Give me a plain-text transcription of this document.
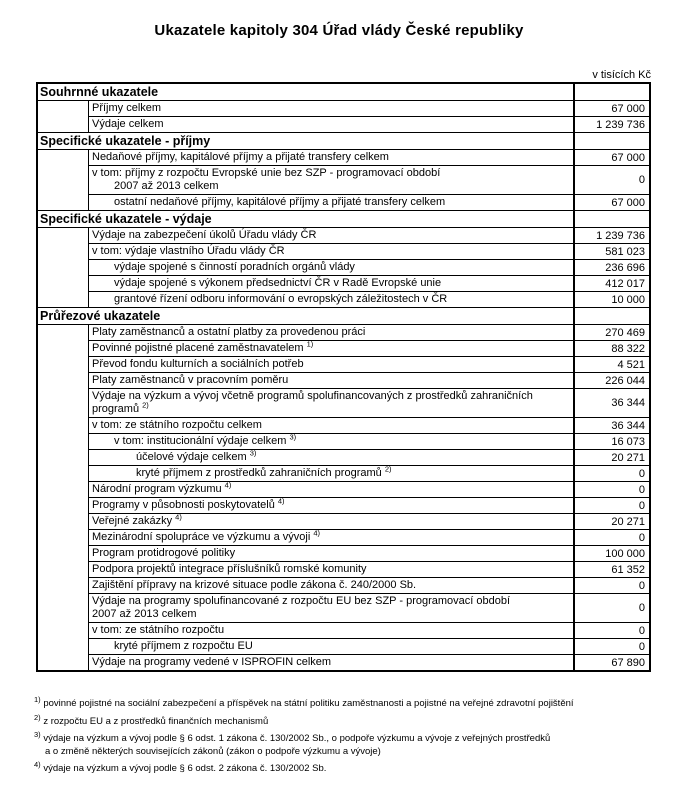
Ukazatele kapitoly 304 Úřad vlády České republiky
v tisících Kč
Souhrnné ukazatele
Příjmy celkem	67 000
Výdaje celkem	1 239 736
Specifické ukazatele - příjmy
Nedaňové příjmy, kapitálové příjmy a přijaté transfery celkem	67 000
v tom: příjmy z rozpočtu Evropské unie bez SZP - programovací období
2007 až 2013 celkem	0
ostatní nedaňové příjmy, kapitálové příjmy a přijaté transfery celkem	67 000
Specifické ukazatele - výdaje
Výdaje na zabezpečení úkolů Úřadu vlády ČR	1 239 736
v tom: výdaje vlastního Úřadu vlády ČR	581 023
výdaje spojené s činností poradních orgánů vlády	236 696
výdaje spojené s výkonem předsednictví ČR v Radě Evropské unie	412 017
grantové řízení odboru informování o evropských záležitostech v ČR	10 000
Průřezové ukazatele
Platy zaměstnanců a ostatní platby za provedenou práci	270 469
Povinné pojistné placené zaměstnavatelem $^{1)}$	88 322
Převod fondu kulturních a sociálních potřeb	4 521
Platy zaměstnanců v pracovním poměru	226 044
Výdaje na výzkum a vývoj včetně programů spolufinancovaných z prostředků zahraničních
programů $^{2)}$	36 344
v tom: ze státního rozpočtu celkem	36 344
v tom: institucionální výdaje celkem $^{3)}$	16 073
účelové výdaje celkem $^{3)}$	20 271
kryté příjmem z prostředků zahraničních programů $^{2)}$	0
Národní program výzkumu $^{4)}$	0
Programy v působnosti poskytovatelů $^{4)}$	0
Veřejné zakázky $^{4)}$	20 271
Mezinárodní spolupráce ve výzkumu a vývoji $^{4)}$	0
Program protidrogové politiky	100 000
Podpora projektů integrace příslušníků romské komunity	61 352
Zajištění přípravy na krizové situace podle zákona č. 240/2000 Sb.	0
Výdaje na programy spolufinancované z rozpočtu EU bez SZP - programovací období
2007 až 2013 celkem	0
v tom: ze státního rozpočtu	0
kryté příjmem z rozpočtu EU	0
Výdaje na programy vedené v ISPROFIN celkem	67 890
$^{1)}$ povinné pojistné na sociální zabezpečení a příspěvek na státní politiku zaměstnanosti a pojistné na veřejné zdravotní pojištění
$^{2)}$ z rozpočtu EU a z prostředků finančních mechanismů
$^{3)}$ výdaje na výzkum a vývoj podle § 6 odst. 1 zákona č. 130/2002 Sb., o podpoře výzkumu a vývoje z veřejných prostředků
a o změně některých souvisejících zákonů (zákon o podpoře výzkumu a vývoje)
$^{4)}$ výdaje na výzkum a vývoj podle § 6 odst. 2 zákona č. 130/2002 Sb.
